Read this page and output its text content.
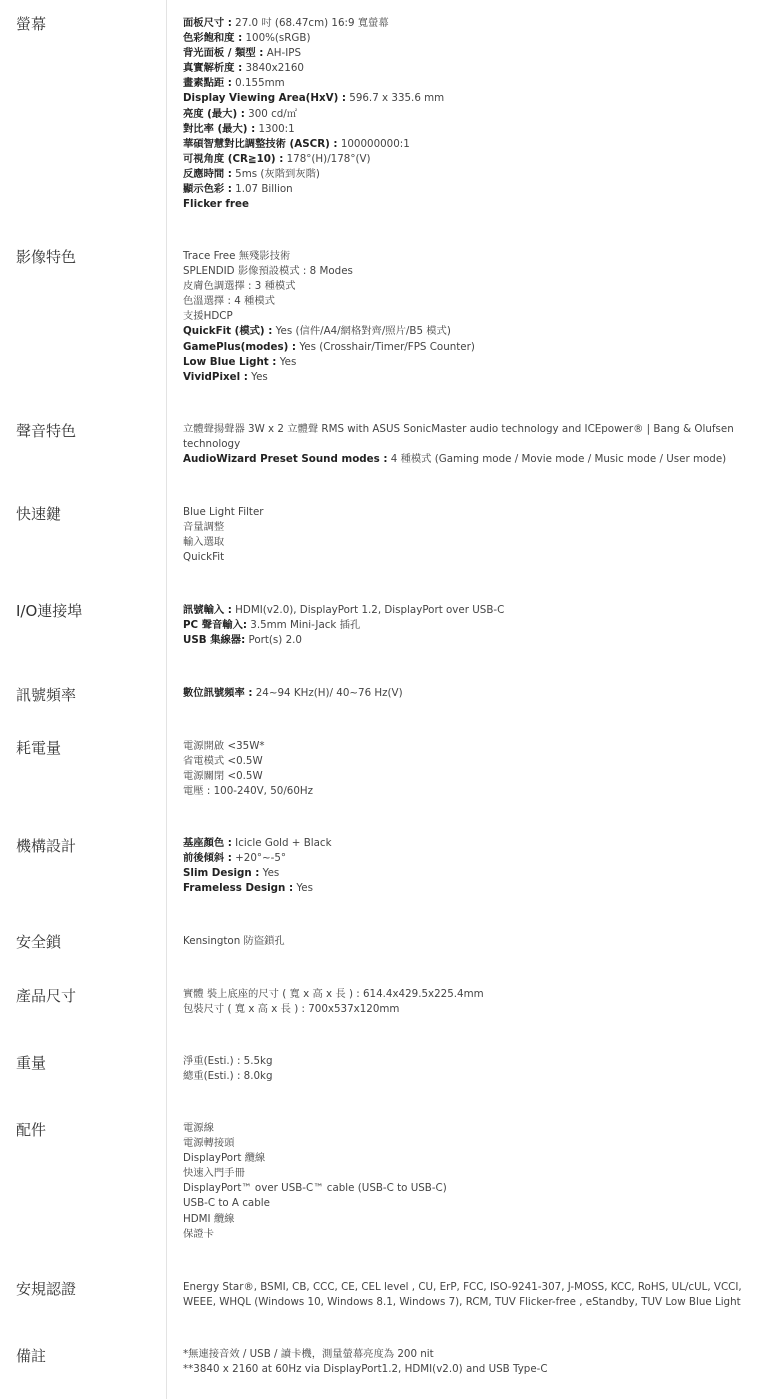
螢幕	面板尺寸 : 27.0 吋 (68.47cm) 16:9 寬螢幕
色彩飽和度 : 100%(sRGB)
背光面板 / 類型 : AH-IPS
真實解析度 : 3840x2160
畫素點距 : 0.155mm
Display Viewing Area(HxV) : 596.7 x 335.6 mm
亮度 (最大) : 300 cd/㎡
對比率 (最大) : 1300:1
華碩智慧對比調整技術 (ASCR) : 100000000:1
可視角度 (CR≧10) : 178°(H)/178°(V)
反應時間 : 5ms (灰階到灰階)
顯示色彩 : 1.07 Billion
Flicker free
影像特色	Trace Free 無殘影技術
SPLENDID 影像預設模式 : 8 Modes
皮膚色調選擇 : 3 種模式
色溫選擇 : 4 種模式
支援HDCP
QuickFit (模式) : Yes (信件/A4/網格對齊/照片/B5 模式)
GamePlus(modes) : Yes (Crosshair/Timer/FPS Counter)
Low Blue Light : Yes
VividPixel : Yes
聲音特色	立體聲揚聲器 3W x 2 立體聲 RMS with ASUS SonicMaster audio technology and ICEpower® | Bang & Olufsen technology
AudioWizard Preset Sound modes : 4 種模式 (Gaming mode / Movie mode / Music mode / User mode)
快速鍵	Blue Light Filter
音量調整
輸入選取
QuickFit
I/O連接埠	訊號輸入 : HDMI(v2.0), DisplayPort 1.2, DisplayPort over USB-C
PC 聲音輸入: 3.5mm Mini-Jack 插孔
USB 集線器: Port(s) 2.0
訊號頻率	數位訊號頻率 : 24~94 KHz(H)/ 40~76 Hz(V)
耗電量	電源開啟 <35W*
省電模式 <0.5W
電源關閉 <0.5W
電壓 : 100-240V, 50/60Hz
機構設計	基座顏色 : Icicle Gold + Black
前後傾斜 : +20°~-5°
Slim Design : Yes
Frameless Design : Yes
安全鎖	Kensington 防盜鎖孔
產品尺寸	實體 裝上底座的尺寸 ( 寬 x 高 x 長 ) : 614.4x429.5x225.4mm
包裝尺寸 ( 寬 x 高 x 長 ) : 700x537x120mm
重量	淨重(Esti.) : 5.5kg
總重(Esti.) : 8.0kg
配件	電源線
電源轉接頭
DisplayPort 纜線
快速入門手冊
DisplayPort™ over USB-C™ cable (USB-C to USB-C)
USB-C to A cable
HDMI 纜線
保證卡
安規認證	Energy Star®, BSMI, CB, CCC, CE, CEL level , CU, ErP, FCC, ISO-9241-307, J-MOSS, KCC, RoHS, UL/cUL, VCCI, WEEE, WHQL (Windows 10, Windows 8.1, Windows 7), RCM, TUV Flicker-free , eStandby, TUV Low Blue Light
備註	*無連接音效 / USB / 讀卡機，測量螢幕亮度為 200 nit
**3840 x 2160 at 60Hz via DisplayPort1.2, HDMI(v2.0) and USB Type-C
